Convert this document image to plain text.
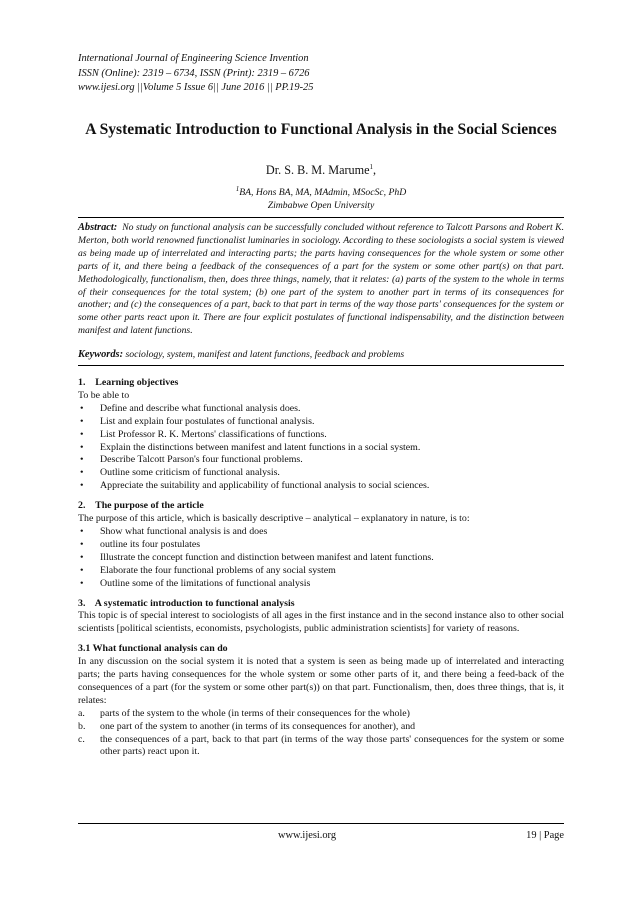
International Journal of Engineering Science Invention
ISSN (Online): 2319 – 6734, ISSN (Print): 2319 – 6726
www.ijesi.org ||Volume 5 Issue 6|| June 2016 || PP.19-25
A Systematic Introduction to Functional Analysis in the Social Sciences
Dr. S. B. M. Marume$^1$,
$^1$BA, Hons BA, MA, MAdmin, MSocSc, PhD
Zimbabwe Open University
Abstract: No study on functional analysis can be successfully concluded without reference to Talcott Parsons and Robert K. Merton, both world renowned functionalist luminaries in sociology. According to these sociologists a social system is viewed as being made up of interrelated and interacting parts; the parts having consequences for the whole system or some other parts of it, and there being a feedback of the consequences of a part for the system or some other part(s) on that part. Methodologically, functionalism, then, does three things, namely, that it relates: (a) parts of the system to the whole in terms of their consequences for the total system; (b) one part of the system to another part in terms of its consequences for another; and (c) the consequences of a part, back to that part in terms of the way those parts' consequences for the system or some other parts react upon it. There are four explicit postulates of functional indispensability, and the distinction between manifest and latent functions.
Keywords: sociology, system, manifest and latent functions, feedback and problems
1.    Learning objectives

To be able to

• Define and describe what functional analysis does.
• List and explain four postulates of functional analysis.
• List Professor R. K. Mertons' classifications of functions.
• Explain the distinctions between manifest and latent functions in a social system.
• Describe Talcott Parson's four functional problems.
• Outline some criticism of functional analysis.
• Appreciate the suitability and applicability of functional analysis to social sciences.
2.    The purpose of the article

The purpose of this article, which is basically descriptive – analytical – explanatory in nature, is to:

• Show what functional analysis is and does
• outline its four postulates
• Illustrate the concept function and distinction between manifest and latent functions.
• Elaborate the four functional problems of any social system
• Outline some of the limitations of functional analysis
3.    A systematic introduction to functional analysis

This topic is of special interest to sociologists of all ages in the first instance and in the second instance also to other social scientists [political scientists, economists, psychologists, public administration scientists] for variety of reasons.

3.1 What functional analysis can do

In any discussion on the social system it is noted that a system is seen as being made up of interrelated and interacting parts; the parts having consequences for the whole system or some other parts of it, and there being a feed-back of the consequences of a part (for the system or some other part(s)) on that part. Functionalism, then, does three things, that is, it relates:

a. parts of the system to the whole (in terms of their consequences for the whole)
b. one part of the system to another (in terms of its consequences for another), and
c. the consequences of a part, back to that part (in terms of the way those parts' consequences for the system or some other parts) react upon it.
www.ijesi.org	19 | Page
